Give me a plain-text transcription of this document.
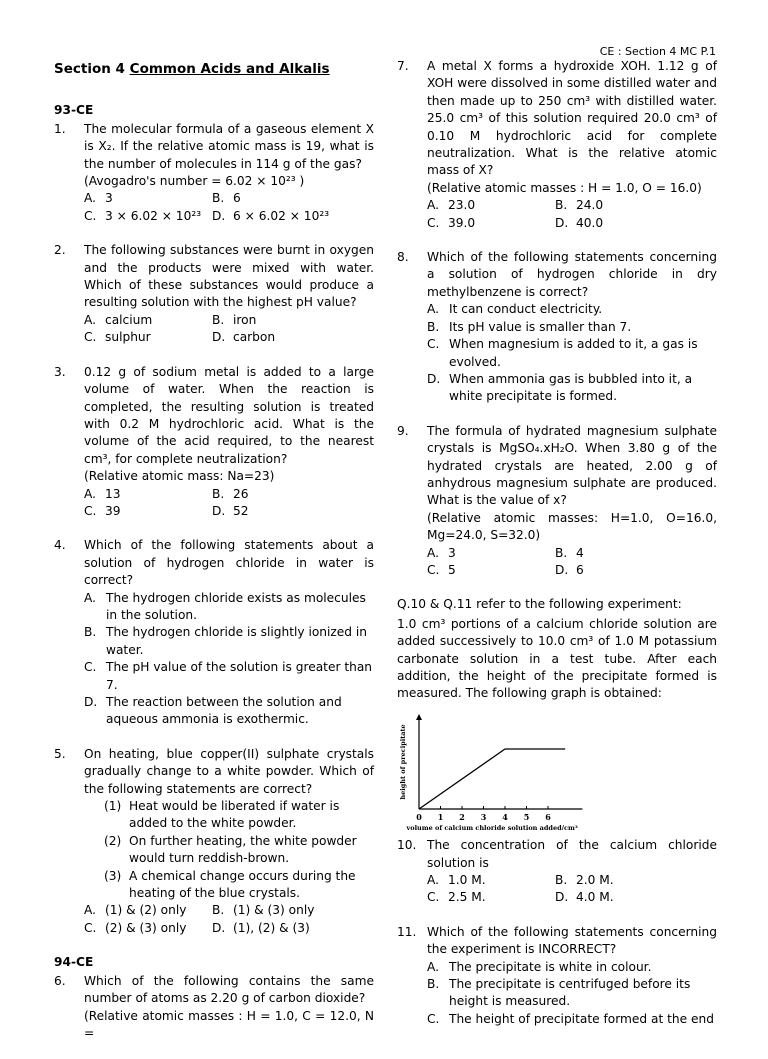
CE : Section 4 MC P.1
Section 4 Common Acids and Alkalis
93-CE
1. The molecular formula of a gaseous element X is X₂. If the relative atomic mass is 19, what is the number of molecules in 114 g of the gas?

(Avogadro's number = 6.02 × 10²³ )

A. 3	B. 6
C. 3 × 6.02 × 10²³ D. 6 × 6.02 × 10²³
2. The following substances were burnt in oxygen and the products were mixed with water. Which of these substances would produce a resulting solution with the highest pH value?

A. calcium	B. iron
C. sulphur	D. carbon
3. 0.12 g of sodium metal is added to a large volume of water. When the reaction is completed, the resulting solution is treated with 0.2 M hydrochloric acid. What is the volume of the acid required, to the nearest cm³, for complete neutralization?

(Relative atomic mass: Na=23)

A. 13	B. 26
C. 39	D. 52
4. Which of the following statements about a solution of hydrogen chloride in water is correct?

A. The hydrogen chloride exists as molecules in the solution.
B. The hydrogen chloride is slightly ionized in water.
C. The pH value of the solution is greater than 7.
D. The reaction between the solution and aqueous ammonia is exothermic.
5. On heating, blue copper(II) sulphate crystals gradually change to a white powder. Which of the following statements are correct?

(1) Heat would be liberated if water is added to the white powder.
(2) On further heating, the white powder would turn reddish-brown.
(3) A chemical change occurs during the heating of the blue crystals.
A. (1) & (2) only B. (1) & (3) only
C. (2) & (3) only D. (1), (2) & (3)
94-CE
6. Which of the following contains the same number of atoms as 2.20 g of carbon dioxide?

(Relative atomic masses : H = 1.0, C = 12.0, N =

7. A metal X forms a hydroxide XOH. 1.12 g of XOH were dissolved in some distilled water and then made up to 250 cm³ with distilled water. 25.0 cm³ of this solution required 20.0 cm³ of 0.10 M hydrochloric acid for complete neutralization. What is the relative atomic mass of X?

(Relative atomic masses : H = 1.0, O = 16.0)

A. 23.0	B. 24.0
C. 39.0	D. 40.0
8. Which of the following statements concerning a solution of hydrogen chloride in dry methylbenzene is correct?

A. It can conduct electricity.
B. Its pH value is smaller than 7.
C. When magnesium is added to it, a gas is evolved.
D. When ammonia gas is bubbled into it, a white precipitate is formed.
9. The formula of hydrated magnesium sulphate crystals is MgSO₄.xH₂O. When 3.80 g of the hydrated crystals are heated, 2.00 g of anhydrous magnesium sulphate are produced. What is the value of x?

(Relative atomic masses: H=1.0, O=16.0, Mg=24.0, S=32.0)

A. 3	B. 4
C. 5	D. 6

Q.10 & Q.11 refer to the following experiment:

1.0 cm³ portions of a calcium chloride solution are added successively to 10.0 cm³ of 1.0 M potassium carbonate solution in a test tube. After each addition, the height of the precipitate formed is measured. The following graph is obtained:

0 1 2 3 4 5 6
volume of calcium chloride solution added/cm³
height of precipitate
10. The concentration of the calcium chloride solution is

A. 1.0 M.	B. 2.0 M.
C. 2.5 M.	D. 4.0 M.
11. Which of the following statements concerning the experiment is INCORRECT?

A. The precipitate is white in colour.
B. The precipitate is centrifuged before its height is measured.
C. The height of precipitate formed at the end
